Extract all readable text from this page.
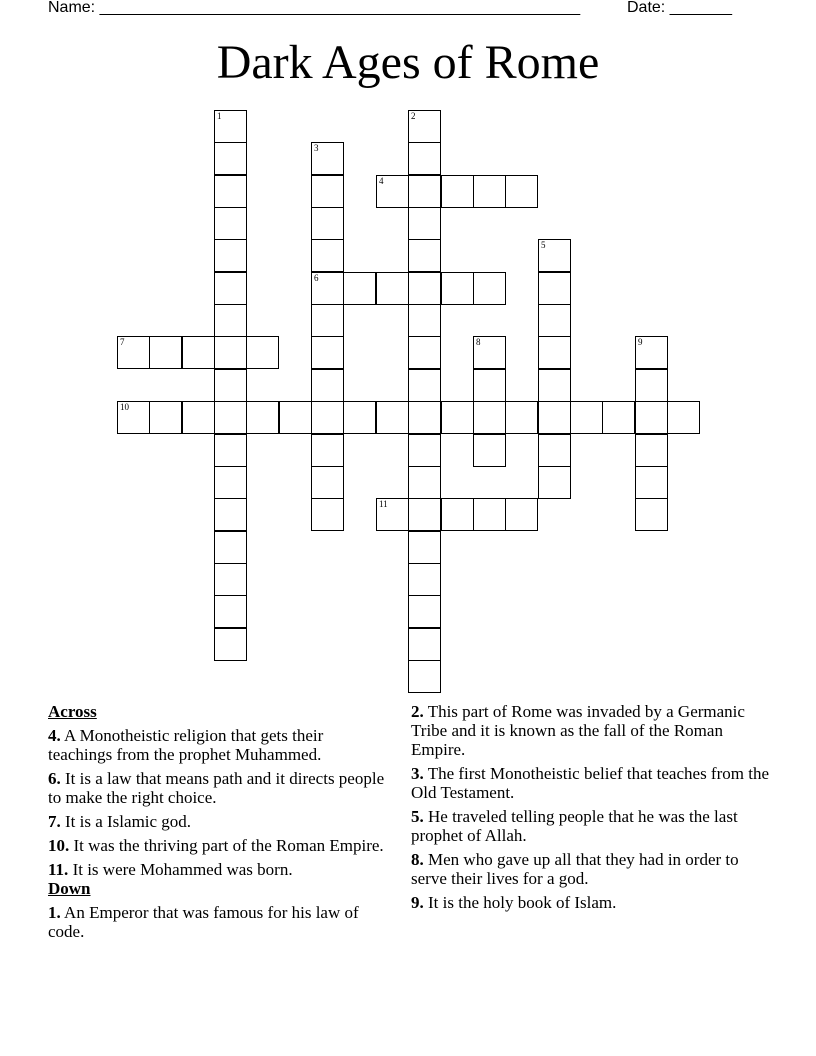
Name: ______________________________________________________	Date: _______
Dark Ages of Rome
1	2
3
6
4
5
7	8	9
10
11
Across
4. A Monotheistic religion that gets their teachings from the prophet Muhammed.
6. It is a law that means path and it directs people to make the right choice.
7. It is a Islamic god.
10. It was the thriving part of the Roman Empire.
11. It is were Mohammed was born.
Down
1. An Emperor that was famous for his law of code.
2. This part of Rome was invaded by a Germanic Tribe and it is known as the fall of the Roman Empire.
3. The first Monotheistic belief that teaches from the Old Testament.
5. He traveled telling people that he was the last prophet of Allah.
8. Men who gave up all that they had in order to serve their lives for a god.
9. It is the holy book of Islam.
